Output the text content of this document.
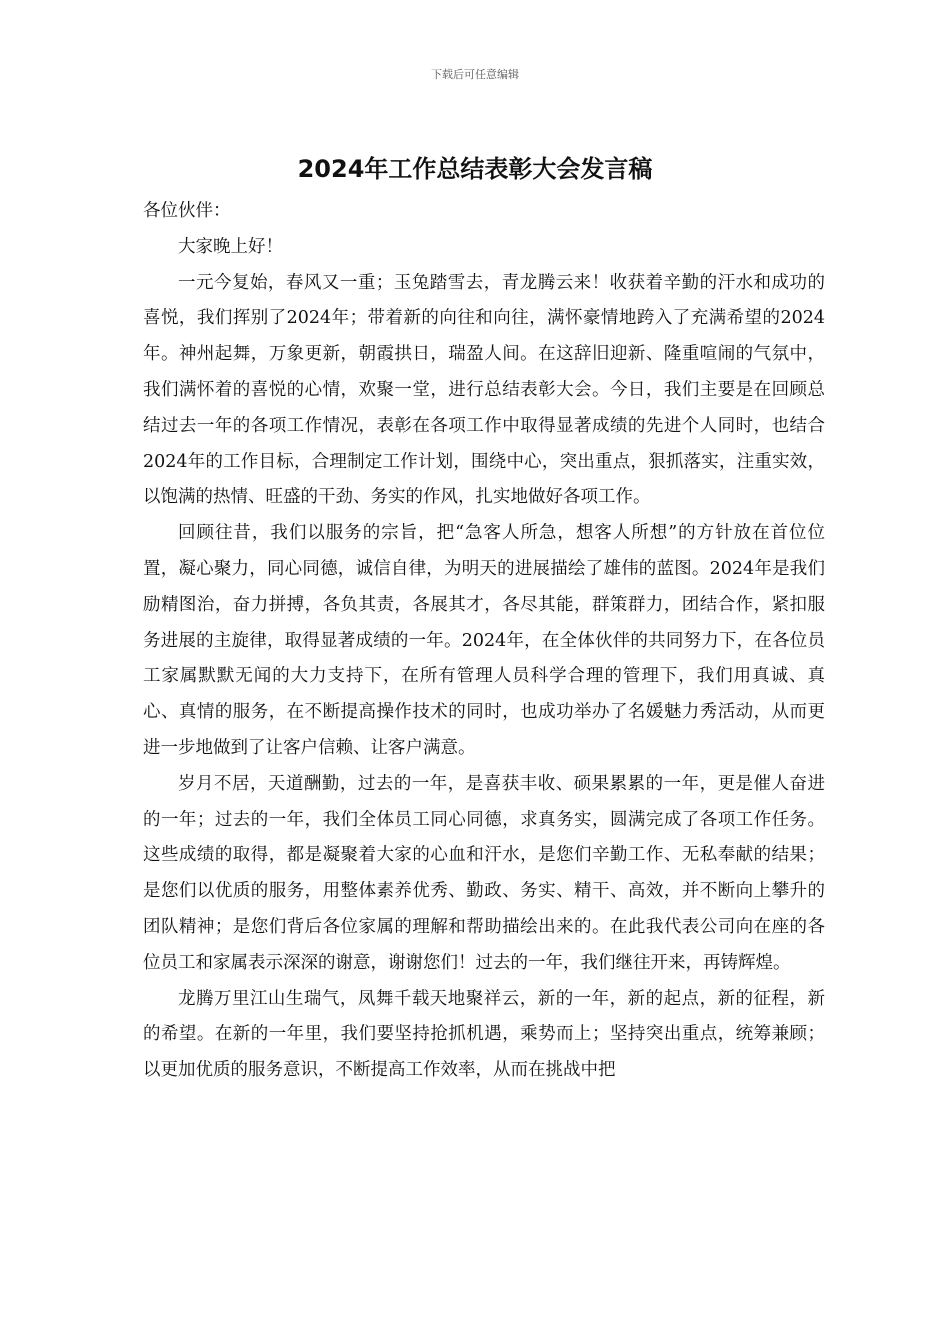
下载后可任意编辑
2024年工作总结表彰大会发言稿

各位伙伴：

大家晚上好！

一元今复始，春风又一重；玉兔踏雪去，青龙腾云来！收获着辛勤的汗水和成功的喜悦，我们挥别了2024年；带着新的向往和向往，满怀豪情地跨入了充满希望的2024年。神州起舞，万象更新，朝霞拱日，瑞盈人间。在这辞旧迎新、隆重喧闹的气氛中，我们满怀着的喜悦的心情，欢聚一堂，进行总结表彰大会。今日，我们主要是在回顾总结过去一年的各项工作情况，表彰在各项工作中取得显著成绩的先进个人同时，也结合2024年的工作目标，合理制定工作计划，围绕中心，突出重点，狠抓落实，注重实效，以饱满的热情、旺盛的干劲、务实的作风，扎实地做好各项工作。

回顾往昔，我们以服务的宗旨，把“急客人所急，想客人所想”的方针放在首位位置，凝心聚力，同心同德，诚信自律，为明天的进展描绘了雄伟的蓝图。2024年是我们励精图治，奋力拼搏，各负其责，各展其才，各尽其能，群策群力，团结合作，紧扣服务进展的主旋律，取得显著成绩的一年。2024年，在全体伙伴的共同努力下，在各位员工家属默默无闻的大力支持下，在所有管理人员科学合理的管理下，我们用真诚、真心、真情的服务，在不断提高操作技术的同时，也成功举办了名媛魅力秀活动，从而更进一步地做到了让客户信赖、让客户满意。

岁月不居，天道酬勤，过去的一年，是喜获丰收、硕果累累的一年，更是催人奋进的一年；过去的一年，我们全体员工同心同德，求真务实，圆满完成了各项工作任务。这些成绩的取得，都是凝聚着大家的心血和汗水，是您们辛勤工作、无私奉献的结果；是您们以优质的服务，用整体素养优秀、勤政、务实、精干、高效，并不断向上攀升的团队精神；是您们背后各位家属的理解和帮助描绘出来的。在此我代表公司向在座的各位员工和家属表示深深的谢意，谢谢您们！过去的一年，我们继往开来，再铸辉煌。

龙腾万里江山生瑞气，凤舞千载天地聚祥云，新的一年，新的起点，新的征程，新的希望。在新的一年里，我们要坚持抢抓机遇，乘势而上；坚持突出重点，统筹兼顾；以更加优质的服务意识，不断提高工作效率，从而在挑战中把
